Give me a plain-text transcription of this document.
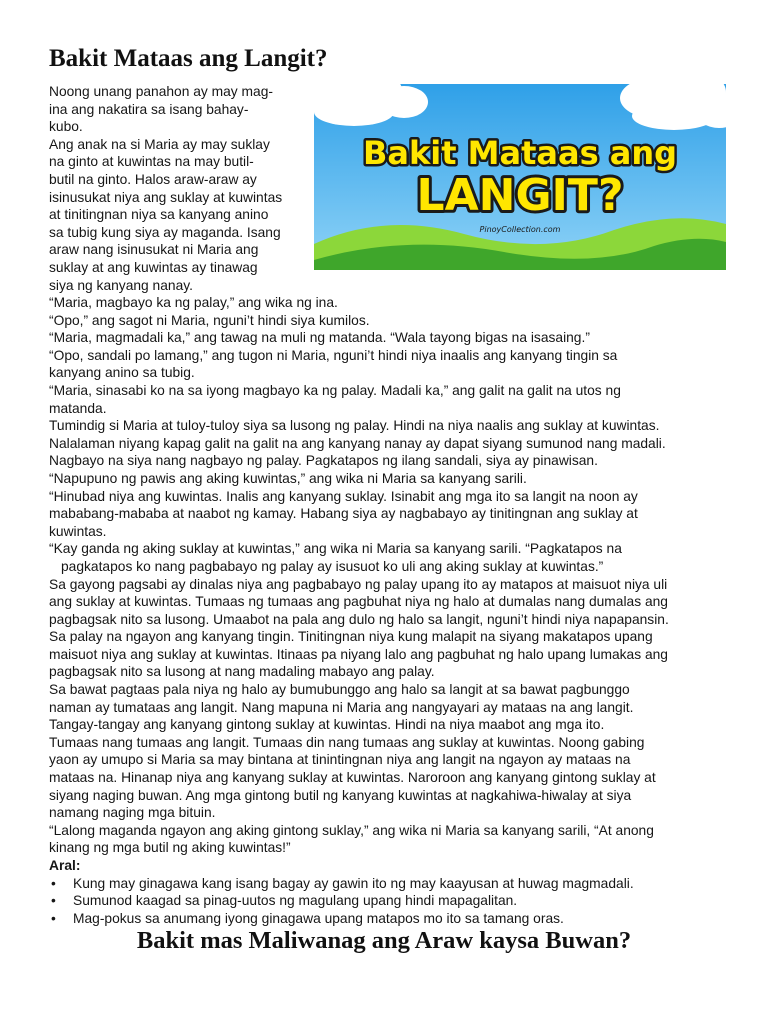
Bakit Mataas ang Langit?
Bakit Mataas ang
LANGIT?
PinoyCollection.com
Noong unang panahon ay may mag-
ina ang nakatira sa isang bahay-
kubo.
Ang anak na si Maria ay may suklay
na ginto at kuwintas na may butil-
butil na ginto. Halos araw-araw ay
isinusukat niya ang suklay at kuwintas
at tinitingnan niya sa kanyang anino
sa tubig kung siya ay maganda. Isang
araw nang isinusukat ni Maria ang
suklay at ang kuwintas ay tinawag
siya ng kanyang nanay.
“Maria, magbayo ka ng palay,” ang wika ng ina.
“Opo,” ang sagot ni Maria, nguni’t hindi siya kumilos.
“Maria, magmadali ka,” ang tawag na muli ng matanda. “Wala tayong bigas na isasaing.”
“Opo, sandali po lamang,” ang tugon ni Maria, nguni’t hindi niya inaalis ang kanyang tingin sa
kanyang anino sa tubig.
“Maria, sinasabi ko na sa iyong magbayo ka ng palay. Madali ka,” ang galit na galit na utos ng
matanda.
Tumindig si Maria at tuloy-tuloy siya sa lusong ng palay. Hindi na niya naalis ang suklay at kuwintas.
Nalalaman niyang kapag galit na galit na ang kanyang nanay ay dapat siyang sumunod nang madali.
Nagbayo na siya nang nagbayo ng palay. Pagkatapos ng ilang sandali, siya ay pinawisan.
“Napupuno ng pawis ang aking kuwintas,” ang wika ni Maria sa kanyang sarili.
“Hinubad niya ang kuwintas. Inalis ang kanyang suklay. Isinabit ang mga ito sa langit na noon ay
mababang-mababa at naabot ng kamay. Habang siya ay nagbabayo ay tinitingnan ang suklay at
kuwintas.
“Kay ganda ng aking suklay at kuwintas,” ang wika ni Maria sa kanyang sarili. “Pagkatapos na
pagkatapos ko nang pagbabayo ng palay ay isusuot ko uli ang aking suklay at kuwintas.”
Sa gayong pagsabi ay dinalas niya ang pagbabayo ng palay upang ito ay matapos at maisuot niya uli
ang suklay at kuwintas. Tumaas ng tumaas ang pagbuhat niya ng halo at dumalas nang dumalas ang
pagbagsak nito sa lusong. Umaabot na pala ang dulo ng halo sa langit, nguni’t hindi niya napapansin.
Sa palay na ngayon ang kanyang tingin. Tinitingnan niya kung malapit na siyang makatapos upang
maisuot niya ang suklay at kuwintas. Itinaas pa niyang lalo ang pagbuhat ng halo upang lumakas ang
pagbagsak nito sa lusong at nang madaling mabayo ang palay.
Sa bawat pagtaas pala niya ng halo ay bumubunggo ang halo sa langit at sa bawat pagbunggo
naman ay tumataas ang langit. Nang mapuna ni Maria ang nangyayari ay mataas na ang langit.
Tangay-tangay ang kanyang gintong suklay at kuwintas. Hindi na niya maabot ang mga ito.
Tumaas nang tumaas ang langit. Tumaas din nang tumaas ang suklay at kuwintas. Noong gabing
yaon ay umupo si Maria sa may bintana at tinintingnan niya ang langit na ngayon ay mataas na
mataas na. Hinanap niya ang kanyang suklay at kuwintas. Naroroon ang kanyang gintong suklay at
siyang naging buwan. Ang mga gintong butil ng kanyang kuwintas at nagkahiwa-hiwalay at siya
namang naging mga bituin.
“Lalong maganda ngayon ang aking gintong suklay,” ang wika ni Maria sa kanyang sarili, “At anong
kinang ng mga butil ng aking kuwintas!”
Aral:
• Kung may ginagawa kang isang bagay ay gawin ito ng may kaayusan at huwag magmadali.
• Sumunod kaagad sa pinag-uutos ng magulang upang hindi mapagalitan.
• Mag-pokus sa anumang iyong ginagawa upang matapos mo ito sa tamang oras.
Bakit mas Maliwanag ang Araw kaysa Buwan?
